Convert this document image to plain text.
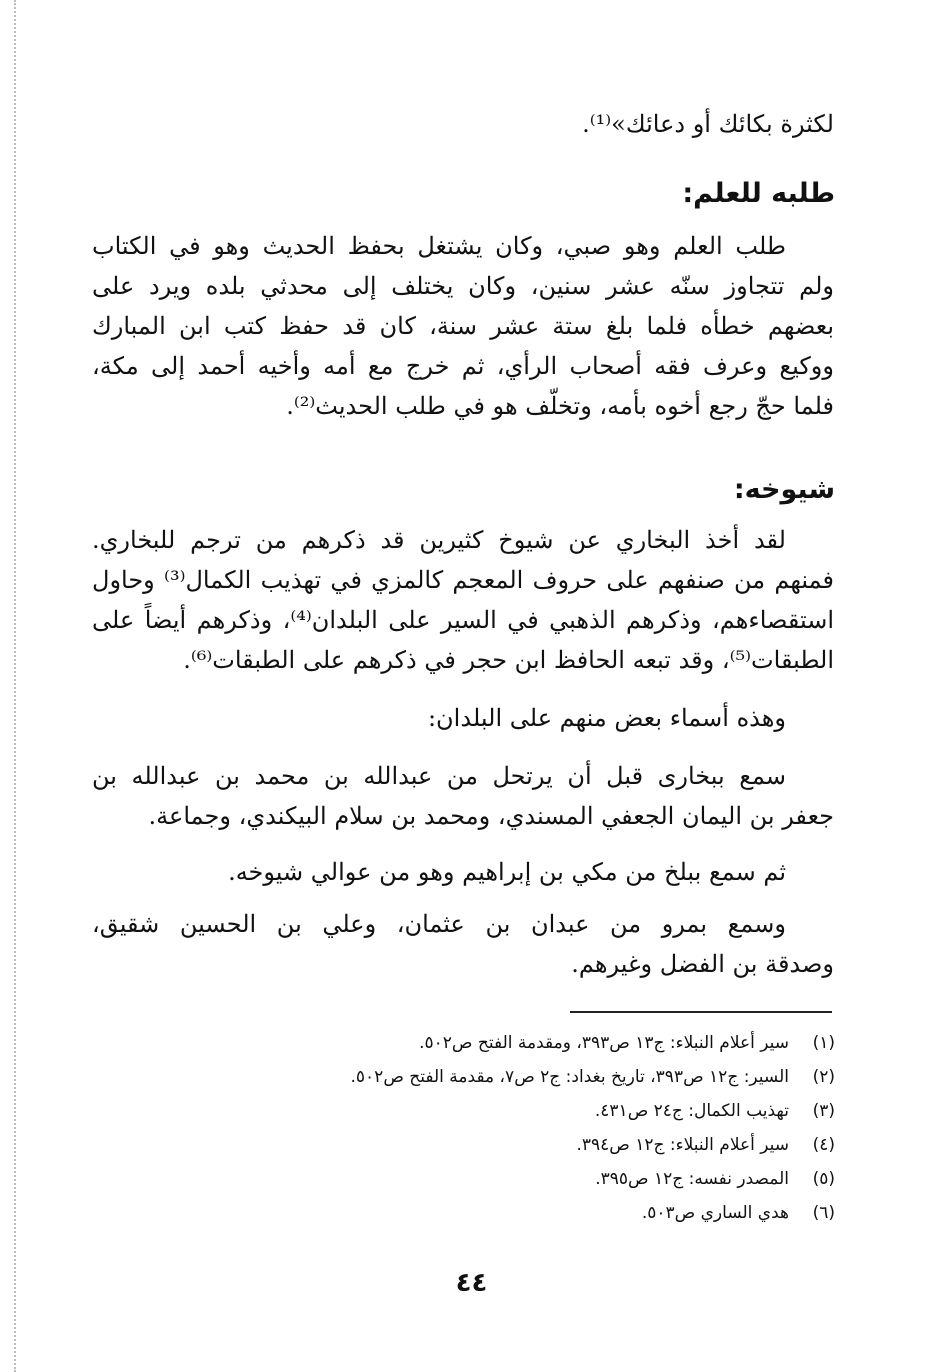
لكثرة بكائك أو دعائك»⁽¹⁾.
طلبه للعلم:
طلب العلم وهو صبي، وكان يشتغل بحفظ الحديث وهو في الكتاب
ولم تتجاوز سنّه عشر سنين، وكان يختلف إلى محدثي بلده ويرد على
بعضهم خطأه فلما بلغ ستة عشر سنة، كان قد حفظ كتب ابن المبارك
ووكيع وعرف فقه أصحاب الرأي، ثم خرج مع أمه وأخيه أحمد إلى مكة،
فلما حجّ رجع أخوه بأمه، وتخلّف هو في طلب الحديث⁽²⁾.
شيوخه:
لقد أخذ البخاري عن شيوخ كثيرين قد ذكرهم من ترجم للبخاري.
فمنهم من صنفهم على حروف المعجم كالمزي في تهذيب الكمال⁽³⁾ وحاول
استقصاءهم، وذكرهم الذهبي في السير على البلدان⁽⁴⁾، وذكرهم أيضاً على
الطبقات⁽⁵⁾، وقد تبعه الحافظ ابن حجر في ذكرهم على الطبقات⁽⁶⁾.
وهذه أسماء بعض منهم على البلدان:
سمع ببخارى قبل أن يرتحل من عبدالله بن محمد بن عبدالله بن
جعفر بن اليمان الجعفي المسندي، ومحمد بن سلام البيكندي، وجماعة.
ثم سمع ببلخ من مكي بن إبراهيم وهو من عوالي شيوخه.
وسمع بمرو من عبدان بن عثمان، وعلي بن الحسين شقيق،
وصدقة بن الفضل وغيرهم.
(١)سير أعلام النبلاء: ج١٣ ص٣٩٣، ومقدمة الفتح ص٥٠٢.
(٢)السير: ج١٢ ص٣٩٣، تاريخ بغداد: ج٢ ص٧، مقدمة الفتح ص٥٠٢.
(٣)تهذيب الكمال: ج٢٤ ص٤٣١.
(٤)سير أعلام النبلاء: ج١٢ ص٣٩٤.
(٥)المصدر نفسه: ج١٢ ص٣٩٥.
(٦)هدي الساري ص٥٠٣.
٤٤
